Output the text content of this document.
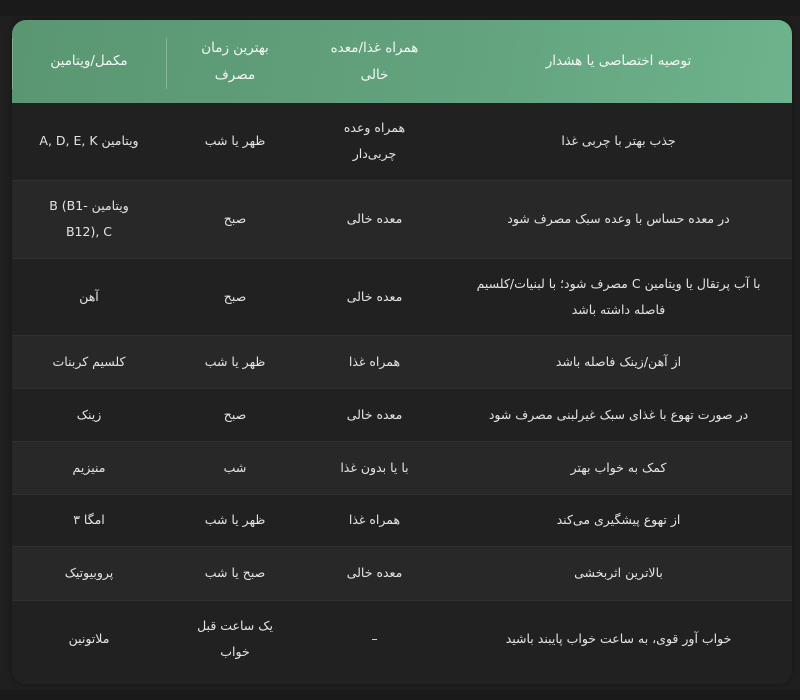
توصیه اختصاصی یا هشدار	همراه غذا/معده خالی	بهترین زمان مصرف	مکمل/ویتامین
جذب بهتر با چربی غذا	همراه وعده چربی‌دار	ظهر یا شب	ویتامین A, D, E, K
در معده حساس با وعده سبک مصرف شود	معده خالی	صبح	ویتامین B (B1-B12), C
با آب پرتقال یا ویتامین C مصرف شود؛ با لبنیات/کلسیم فاصله داشته باشد	معده خالی	صبح	آهن
از آهن/زینک فاصله باشد	همراه غذا	ظهر یا شب	کلسیم کربنات
در صورت تهوع با غذای سبک غیرلبنی مصرف شود	معده خالی	صبح	زینک
کمک به خواب بهتر	با یا بدون غذا	شب	منیزیم
از تهوع پیشگیری می‌کند	همراه غذا	ظهر یا شب	امگا ۳
بالاترین اثربخشی	معده خالی	صبح یا شب	پروبیوتیک
خواب آور قوی، به ساعت خواب پایبند باشید	–	یک ساعت قبل خواب	ملاتونین
